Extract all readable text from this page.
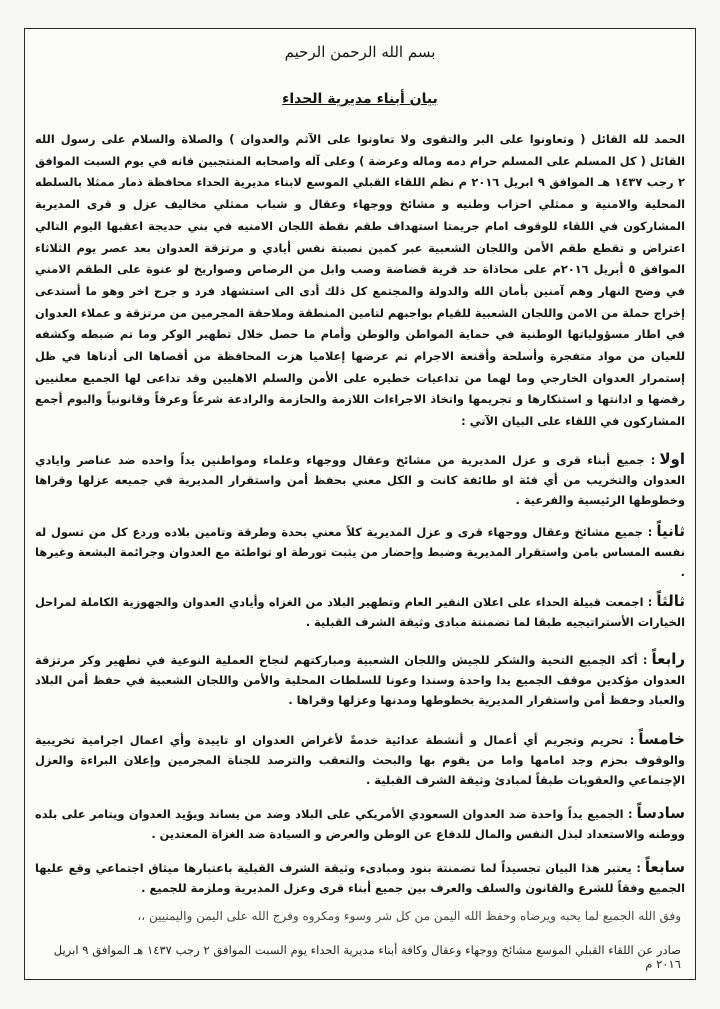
بسم الله الرحمن الرحيم
بيان أبناء مديرية الحداء

الحمد لله القائل ( وتعاونوا على البر والتقوى ولا تعاونوا على الآثم والعدوان ) والصلاة والسلام على رسول الله القائل ( كل المسلم على المسلم حرام دمه وماله وعرضة ) وعلى آله واصحابه المنتجبين فانه في يوم السبت الموافق ٢ رجب ١٤٣٧ هـ الموافق ٩ ابريل ٢٠١٦ م نظم اللقاء القبلي الموسع لابناء مديرية الحداء محافظة ذمار ممثلا بالسلطه المحلية والامنية و ممثلي احزاب وطنيه و مشائخ ووجهاء وعقال و شباب ممثلي مخاليف عزل و قرى المديرية المشاركون في اللقاء للوقوف امام جريمتا استهداف طقم نقطة اللجان الامنيه في بني حديجة اعقبها اليوم التالي اعتراض و تقطع طقم الأمن واللجان الشعبية عبر كمين نصبتة نفس أيادي و مرتزقة العدوان بعد عصر يوم الثلاثاء الموافق ٥ أبريل ٢٠١٦م على محاذاة حد قرية قضاضة وصب وابل من الرصاص وصواريخ لو عنوة على الطقم الامني في وضح النهار وهم آمنين بأمان الله والدولة والمجتمع كل ذلك أدى الى استشهاد فرد و جرح اخر وهو ما أستدعى إخراج حملة من الامن واللجان الشعبية للقيام بواجبهم لتامين المنطقة وملاحقة المجرمين من مرتزقة و عملاء العدوان في اطار مسؤولياتها الوطنية في حماية المواطن والوطن وأمام ما حصل خلال تطهير الوكر وما تم ضبطه وكشفه للعيان من مواد متفجرة وأسلحة وأقنعة الاجرام تم عرضها إعلاميا هزت المحافظة من أقصاها الى أدناها في ظل إستمرار العدوان الخارجي وما لهما من تداعيات خطيره على الأمن والسلم الاهليين وقد تداعى لها الجميع معلنيين رفضها و ادانتها و استنكارها و تجريمها واتخاذ الاجراءات اللازمة والحازمة والرادعة شرعاً وعرفاً وقانونياً واليوم أجمع المشاركون في اللقاء على البيان الآتي :

اولا: جميع أبناء قرى و عزل المديرية من مشائخ وعقال ووجهاء وعلماء ومواطنين يداً واحده ضد عناصر وايادي العدوان والتخريب من أي فئة او طائفة كانت و الكل معني بحفظ أمن واستقرار المديرية في جميعه عزلها وقراها وخطوطها الرئيسية والفرعية .

ثانياً: جميع مشائخ وعقال ووجهاء قرى و عزل المديرية كلاً معني بحدة وطرقة وتامين بلاده وردع كل من تسول له نفسه المساس بامن واستقرار المديرية وضبط وإحضار من يثبت تورطة او تواطئة مع العدوان وجرائمة البشعة وغيرها .

ثالثاً: اجمعت قبيلة الحداء على اعلان النفير العام وتطهير البلاد من الغزاه وأيادي العدوان والجهوزية الكاملة لمراحل الخيارات الأستراتيجيه طبقا لما تضمنتة مبادى وثيقة الشرف القبلية .

رابعاً: أكد الجميع التحية والشكر للجيش واللجان الشعبية ومباركتهم لنجاح العملية النوعية في تطهير وكر مرتزقة العدوان مؤكدين موقف الجميع يدا واحدة وسندا وعونا للسلطات المحلية والأمن واللجان الشعبية في حفظ أمن البلاد والعباد وحفظ أمن واستقرار المديرية بخطوطها ومدنها وعزلها وقراها .

خامساً: تحريم وتجريم أي أعمال و أنشطة عدائية خدمةً لأغراض العدوان او تاييدة وأي اعمال اجرامية تخريبية والوقوف بحزم وجد امامها واما من يقوم بها والبحث والتعقب والترصد للجناة المجرمين وإعلان البراءة والعزل الإجتماعي والعقوبات طبقاً لمبادئ وثيقة الشرف القبلية .

سادساً: الجميع يداً واحدة ضد العدوان السعودي الأمريكي على البلاد وضد من يساند ويؤيد العدوان ويتامر على بلده ووطنه والاستعداد لبذل النفس والمال للدفاع عن الوطن والعرض و السيادة ضد الغزاة المعتدين .

سابعاً: يعتبر هذا البيان تجسيداً لما تضمنتة بنود ومبادىء وثيقة الشرف القبلية باعتبارها ميثاق اجتماعي وقع عليها الجميع وفقاً للشرع والقانون والسلف والعرف بين جميع أبناء قرى وعزل المديرية وملزمة للجميع .

وفق الله الجميع لما يحبه ويرضاه وحفظ الله اليمن من كل شر وسوء ومكروه وفرج الله على اليمن واليمنيين ،،
صادر عن اللقاء القبلي الموسع مشائخ ووجهاء وعقال وكافة أبناء مديرية الحداء يوم السبت الموافق ٢ رجب ١٤٣٧ هـ الموافق ٩ ابريل ٢٠١٦ م
